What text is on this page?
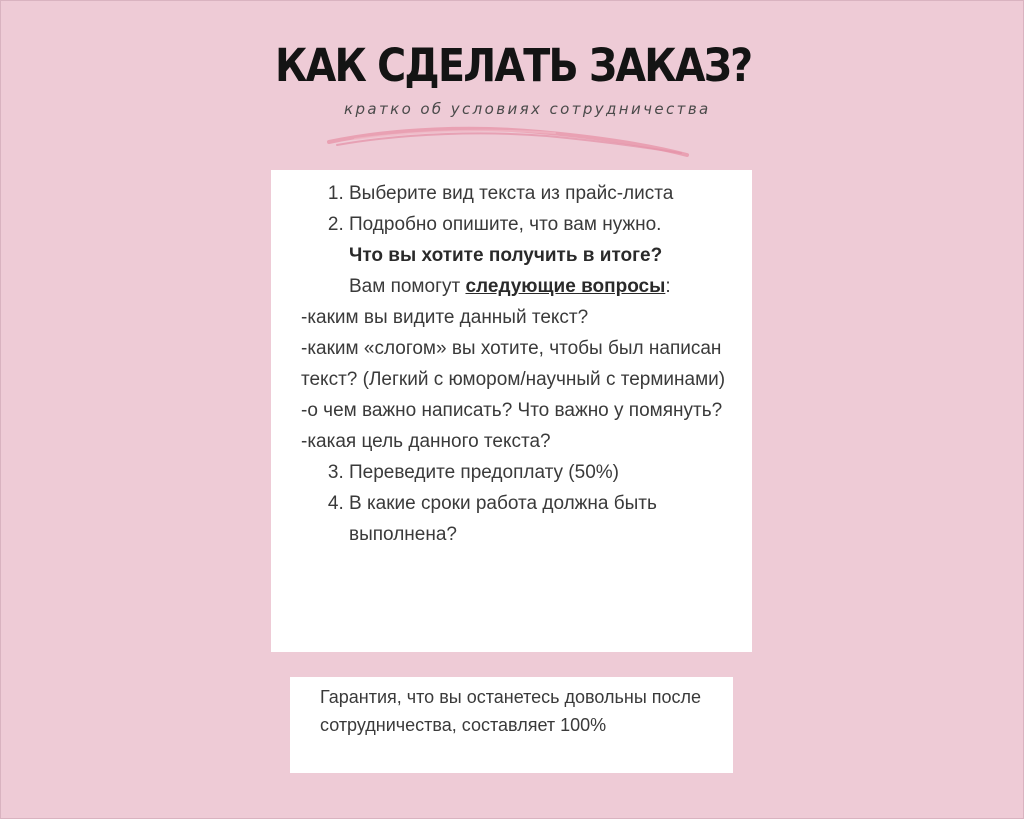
КАК СДЕЛАТЬ ЗАКАЗ?

кратко об условиях сотрудничества

1. Выберите вид текста из прайс-листа
2. Подробно опишите, что вам нужно.
Что вы хотите получить в итоге?
Вам помогут следующие вопросы:

-каким вы видите данный текст?

-каким «слогом» вы хотите, чтобы был написан текст? (Легкий с юмором/научный с терминами)

-о чем важно написать? Что важно у помянуть?

-какая цель данного текста?

3. Переведите предоплату (50%)
4. В какие сроки работа должна быть выполнена?

Гарантия, что вы останетесь довольны после сотрудничества, составляет 100%
